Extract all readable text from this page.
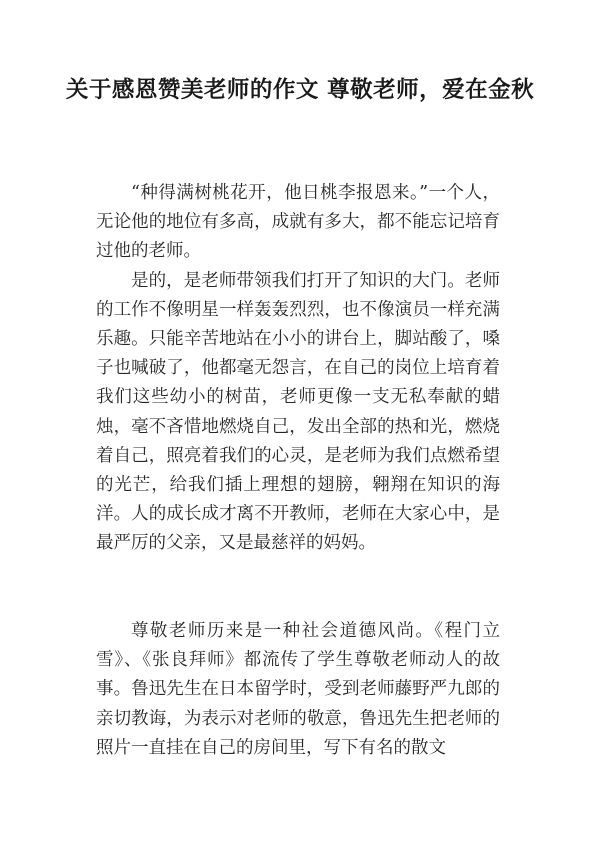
关于感恩赞美老师的作文 尊敬老师，爱在金秋

“种得满树桃花开，他日桃李报恩来。”一个人，无论他的地位有多高，成就有多大，都不能忘记培育过他的老师。

是的，是老师带领我们打开了知识的大门。老师的工作不像明星一样轰轰烈烈，也不像演员一样充满乐趣。只能辛苦地站在小小的讲台上，脚站酸了，嗓子也喊破了，他都毫无怨言，在自己的岗位上培育着我们这些幼小的树苗，老师更像一支无私奉献的蜡烛，毫不吝惜地燃烧自己，发出全部的热和光，燃烧着自己，照亮着我们的心灵，是老师为我们点燃希望的光芒，给我们插上理想的翅膀，翱翔在知识的海洋。人的成长成才离不开教师，老师在大家心中，是最严厉的父亲，又是最慈祥的妈妈。

尊敬老师历来是一种社会道德风尚。《程门立雪》、《张良拜师》都流传了学生尊敬老师动人的故事。鲁迅先生在日本留学时，受到老师藤野严九郎的亲切教诲，为表示对老师的敬意，鲁迅先生把老师的照片一直挂在自己的房间里，写下有名的散文
